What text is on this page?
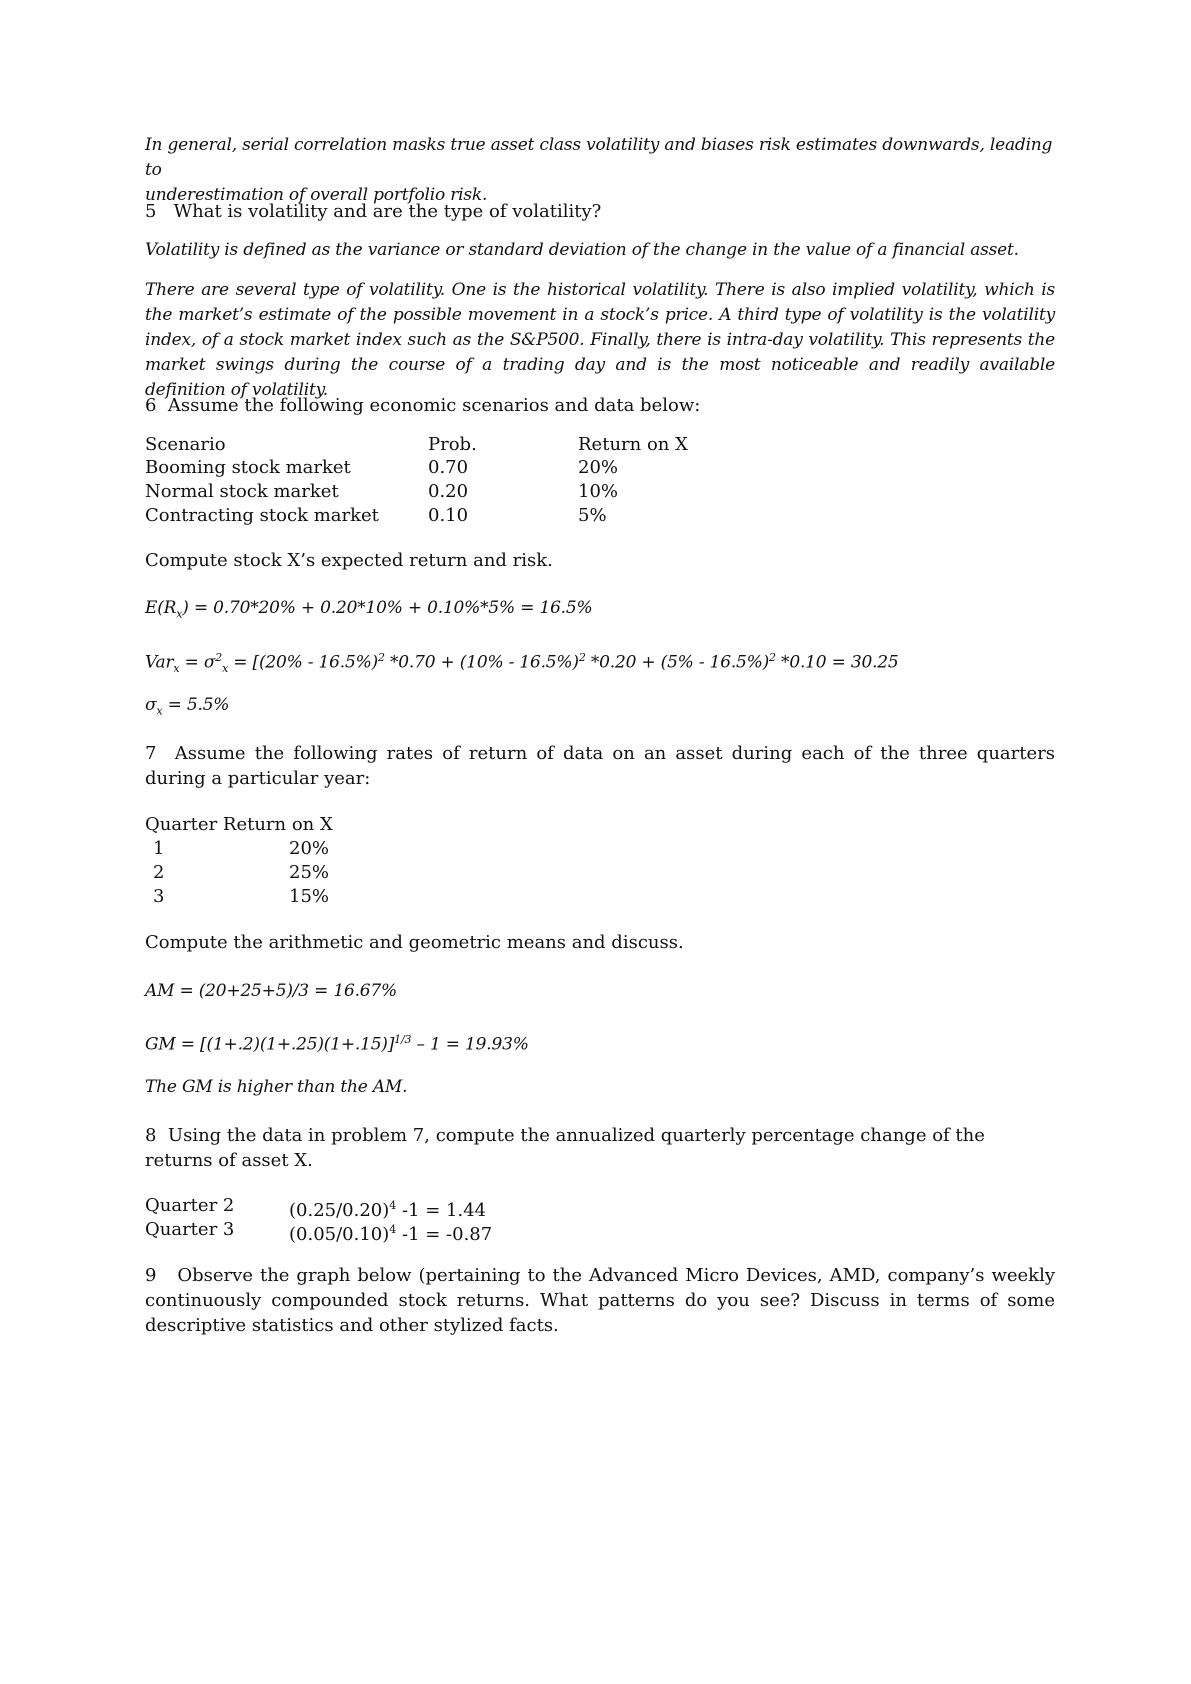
In general, serial correlation masks true asset class volatility and biases risk estimates downwards, leading to
underestimation of overall portfolio risk.

5 What is volatility and are the type of volatility?

Volatility is defined as the variance or standard deviation of the change in the value of a financial asset.

There are several type of volatility. One is the historical volatility. There is also implied volatility, which is the market’s estimate of the possible movement in a stock’s price. A third type of volatility is the volatility index, of a stock market index such as the S&P500. Finally, there is intra-day volatility. This represents the market swings during the course of a trading day and is the most noticeable and readily available definition of volatility.

6 Assume the following economic scenarios and data below:

Scenario	Prob.	Return on X
Booming stock market	0.70	20%
Normal stock market	0.20	10%
Contracting stock market	0.10	5%

Compute stock X’s expected return and risk.

$E(R_x) = 0.70*20\% + 0.20*10\% + 0.10\%*5\% = 16.5\%$

$Var_x = \sigma^2_x = [(20\% - 16.5\%)^2$ *0.70 + (10% - 16.5%)$^2$ *0.20 + (5% - 16.5%)$^2$ *0.10 = 30.25

$\sigma_x = 5.5\%$

7 Assume the following rates of return of data on an asset during each of the three quarters during a particular year:

Quarter Return on X
1	20%
2	25%
3	15%

Compute the arithmetic and geometric means and discuss.

AM = (20+25+5)/3 = 16.67%

GM = $[(1+.2)(1+.25)(1+.15)]^{1/3} - 1 = 19.93\%$

The GM is higher than the AM.

8 Using the data in problem 7, compute the annualized quarterly percentage change of the returns of asset X.

Quarter 2	$(0.25/0.20)^4$ -1 = 1.44
Quarter 3	$(0.05/0.10)^4$ -1 = -0.87

9 Observe the graph below (pertaining to the Advanced Micro Devices, AMD, company’s weekly continuously compounded stock returns. What patterns do you see? Discuss in terms of some descriptive statistics and other stylized facts.
